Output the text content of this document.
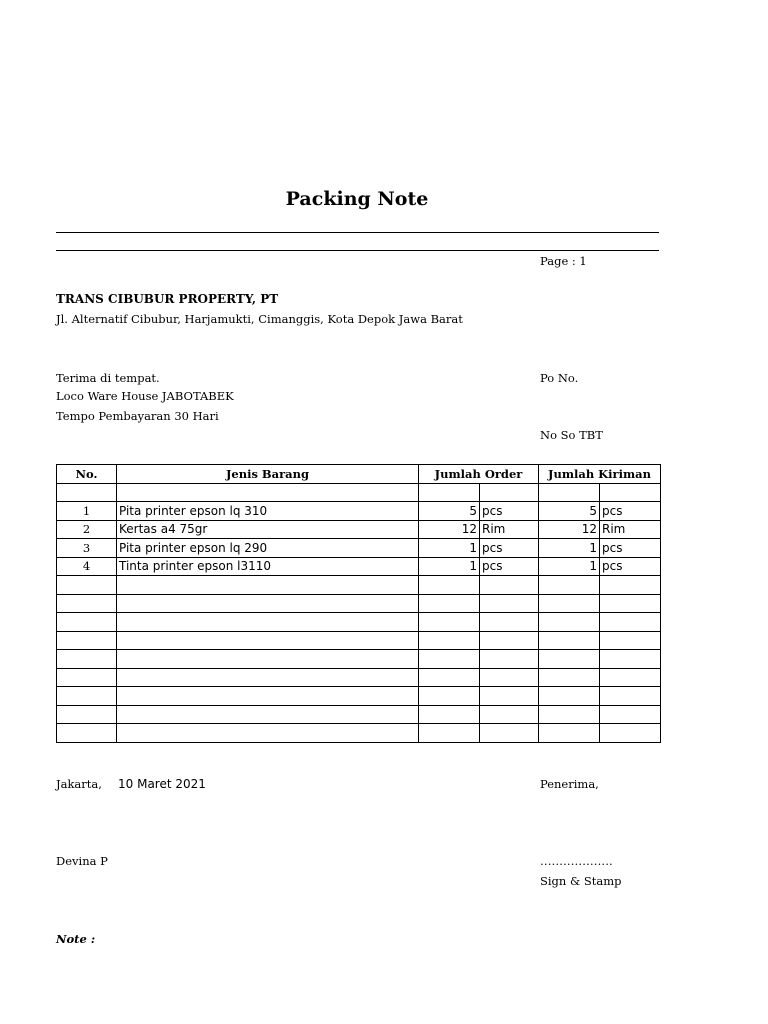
Packing Note
Page : 1
TRANS CIBUBUR PROPERTY, PT
Jl. Alternatif Cibubur, Harjamukti, Cimanggis, Kota Depok Jawa Barat
Terima di tempat.
Loco Ware House JABOTABEK
Tempo Pembayaran 30 Hari
Po No.
No So TBT
No.	Jenis Barang	Jumlah Order		Jumlah Kiriman	

1	Pita printer epson lq 310	5	pcs	5	pcs
2	Kertas a4 75gr	12	Rim	12	Rim
3	Pita printer epson lq 290	1	pcs	1	pcs
4	Tinta printer epson l3110	1	pcs	1	pcs

Jakarta, 10 Maret 2021	Penerima,
Devina P	……………….
Sign & Stamp
Note :
